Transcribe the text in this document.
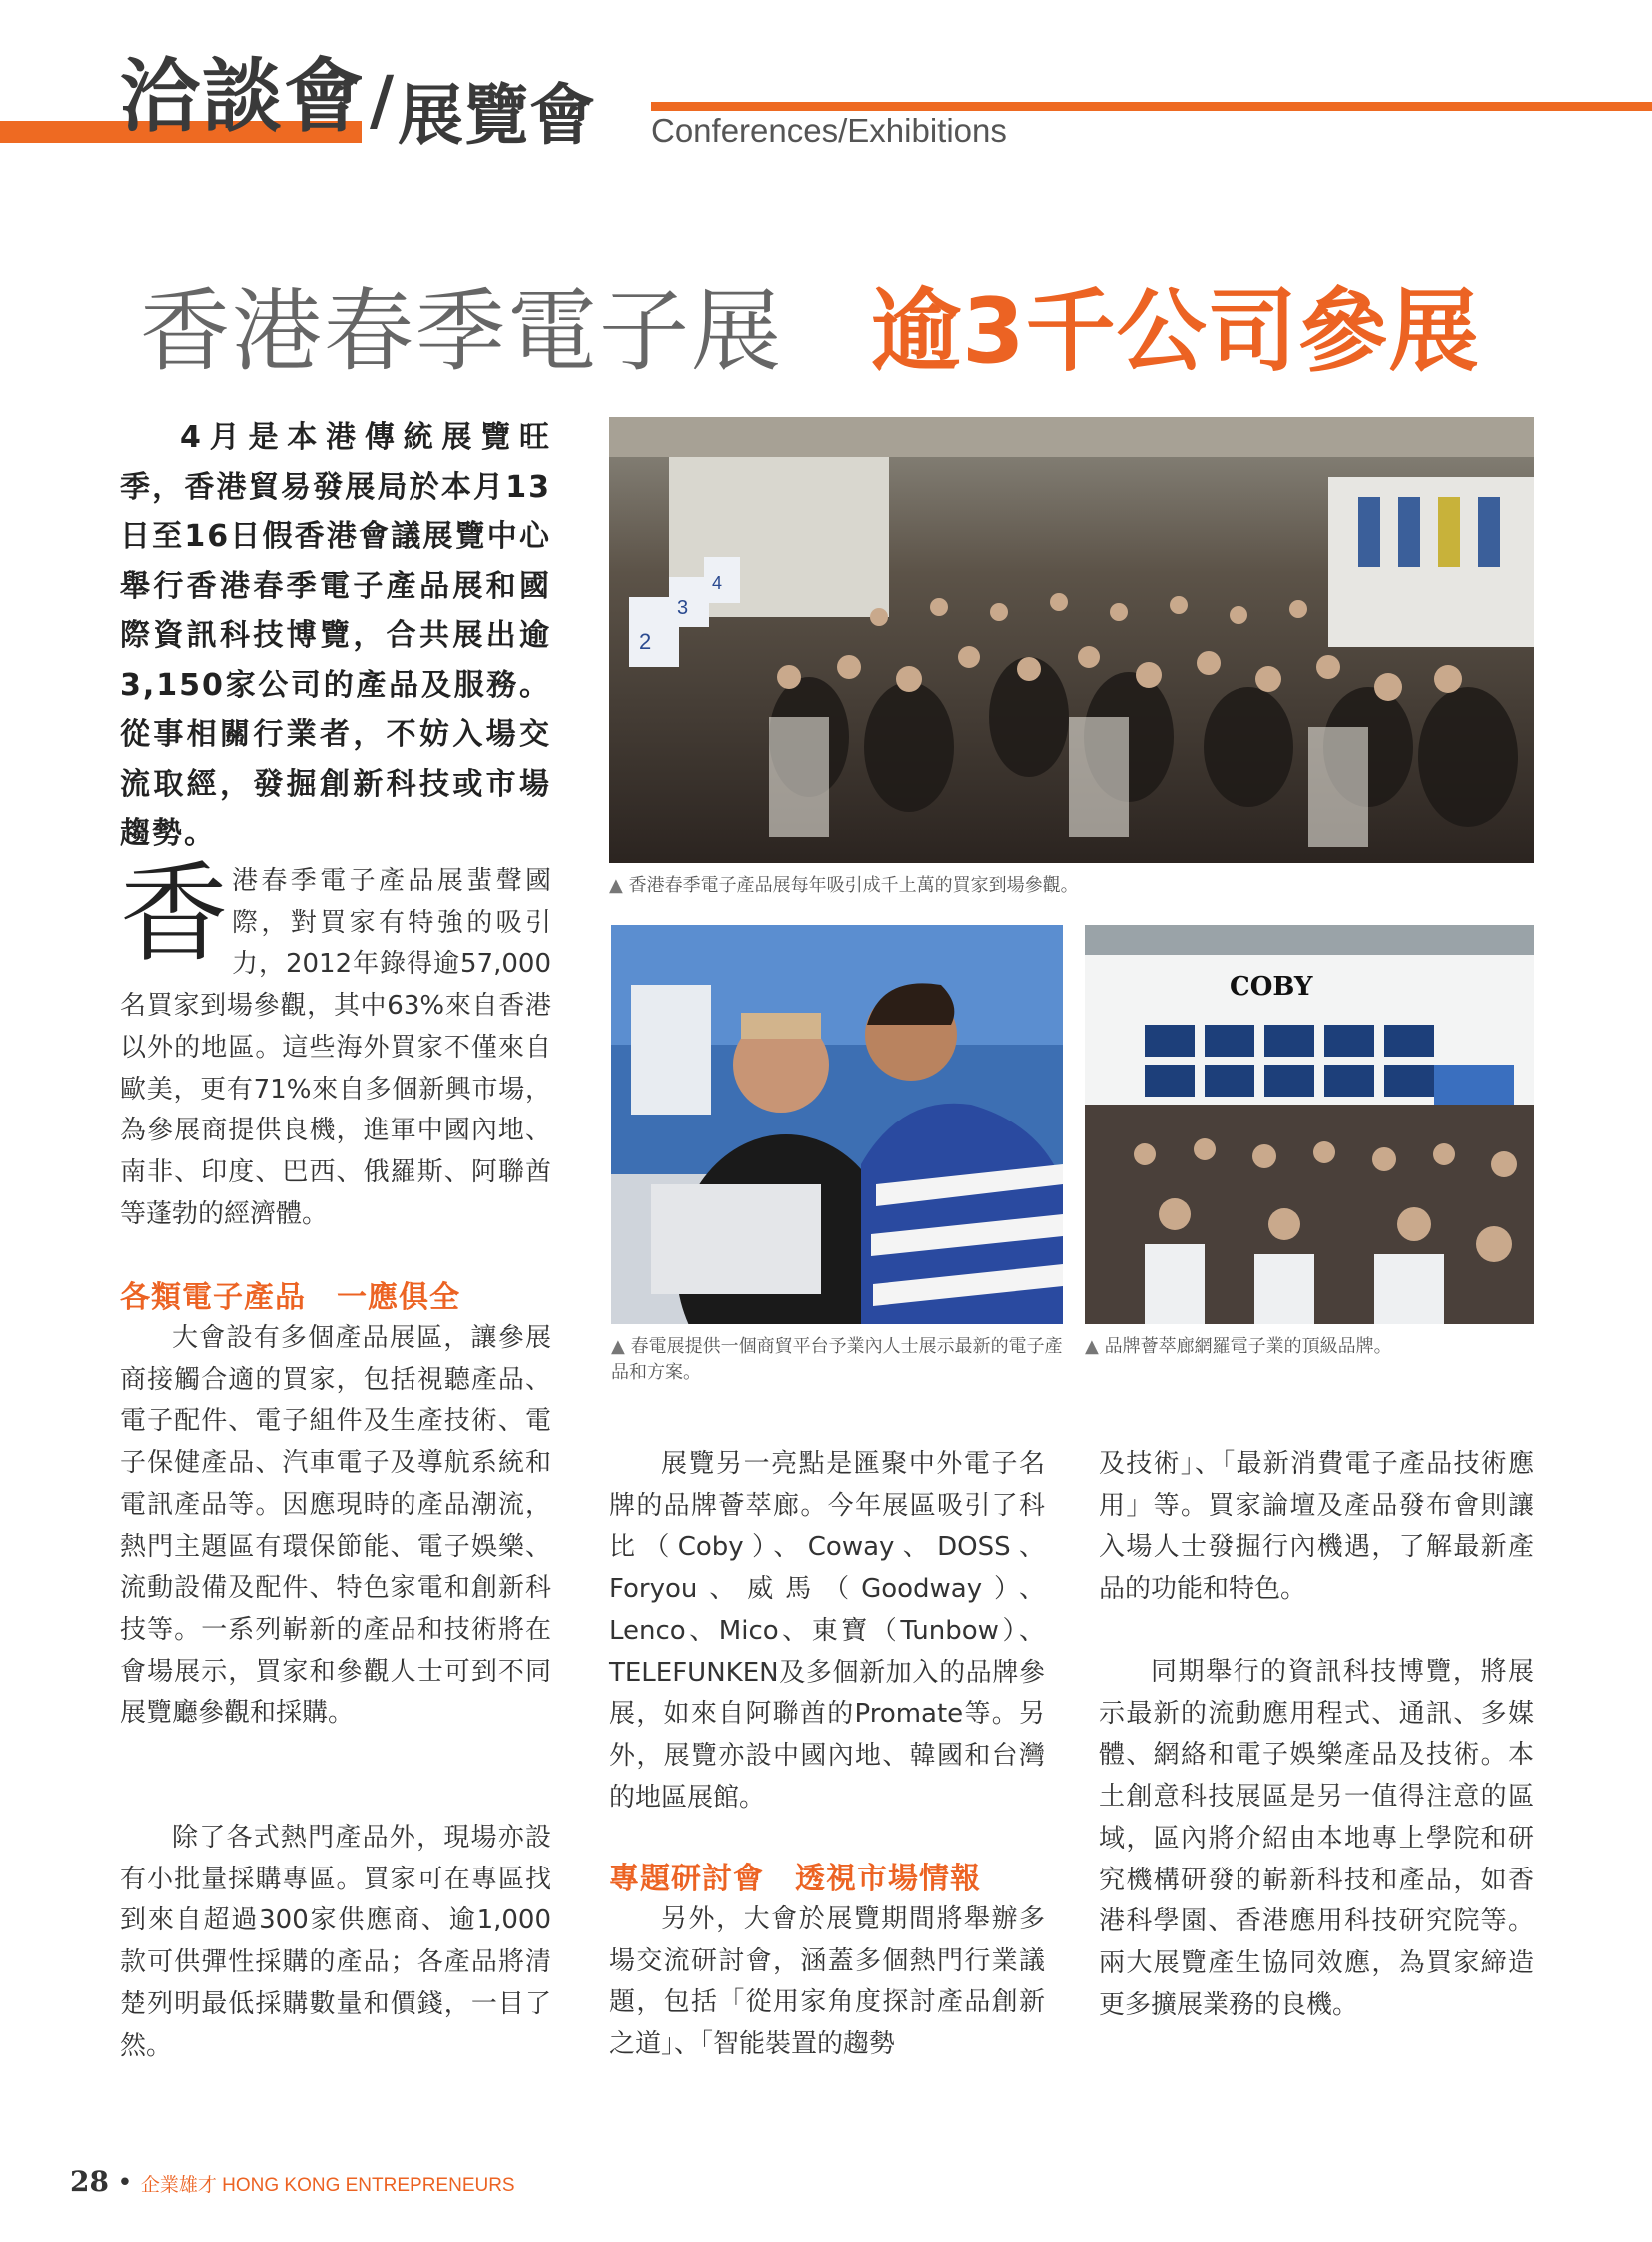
洽談會 / 展覽會 Conferences/Exhibitions
香港春季電子展 逾3千公司參展

4月是本港傳統展覽旺季，香港貿易發展局於本月13日至16日假香港會議展覽中心舉行香港春季電子產品展和國際資訊科技博覽，合共展出逾3,150家公司的產品及服務。從事相關行業者，不妨入場交流取經，發掘創新科技或市場趨勢。

香 港春季電子產品展蜚聲國際，對買家有特強的吸引力，2012年錄得逾57,000名買家到場參觀，其中63%來自香港以外的地區。這些海外買家不僅來自歐美，更有71%來自多個新興市場，為參展商提供良機，進軍中國內地、南非、印度、巴西、俄羅斯、阿聯酋等蓬勃的經濟體。

各類電子產品　一應俱全

大會設有多個產品展區，讓參展商接觸合適的買家，包括視聽產品、電子配件、電子組件及生產技術、電子保健產品、汽車電子及導航系統和電訊產品等。因應現時的產品潮流，熱門主題區有環保節能、電子娛樂、流動設備及配件、特色家電和創新科技等。一系列嶄新的產品和技術將在會場展示，買家和參觀人士可到不同展覽廳參觀和採購。

除了各式熱門產品外，現場亦設有小批量採購專區。買家可在專區找到來自超過300家供應商、逾1,000款可供彈性採購的產品；各產品將清楚列明最低採購數量和價錢，一目了然。

2
3
4
▲ 香港春季電子產品展每年吸引成千上萬的買家到場參觀。
▲ 春電展提供一個商貿平台予業內人士展示最新的電子產品和方案。
COBY
▲ 品牌薈萃廊網羅電子業的頂級品牌。

展覽另一亮點是匯聚中外電子名牌的品牌薈萃廊。今年展區吸引了科比（Coby）、Coway、DOSS、Foryou、威馬（Goodway）、Lenco、Mico、東寶（Tunbow）、TELEFUNKEN及多個新加入的品牌參展，如來自阿聯酋的Promate等。另外，展覽亦設中國內地、韓國和台灣的地區展館。

專題研討會　透視市場情報

另外，大會於展覽期間將舉辦多場交流研討會，涵蓋多個熱門行業議題，包括「從用家角度探討產品創新之道」、「智能裝置的趨勢

及技術」、「最新消費電子產品技術應用」等。買家論壇及產品發布會則讓入場人士發掘行內機遇，了解最新產品的功能和特色。

同期舉行的資訊科技博覽，將展示最新的流動應用程式、通訊、多媒體、網絡和電子娛樂產品及技術。本土創意科技展區是另一值得注意的區域，區內將介紹由本地專上學院和研究機構研發的嶄新科技和產品，如香港科學園、香港應用科技研究院等。兩大展覽產生協同效應，為買家締造更多擴展業務的良機。

28 • 企業雄才 HONG KONG ENTREPRENEURS
